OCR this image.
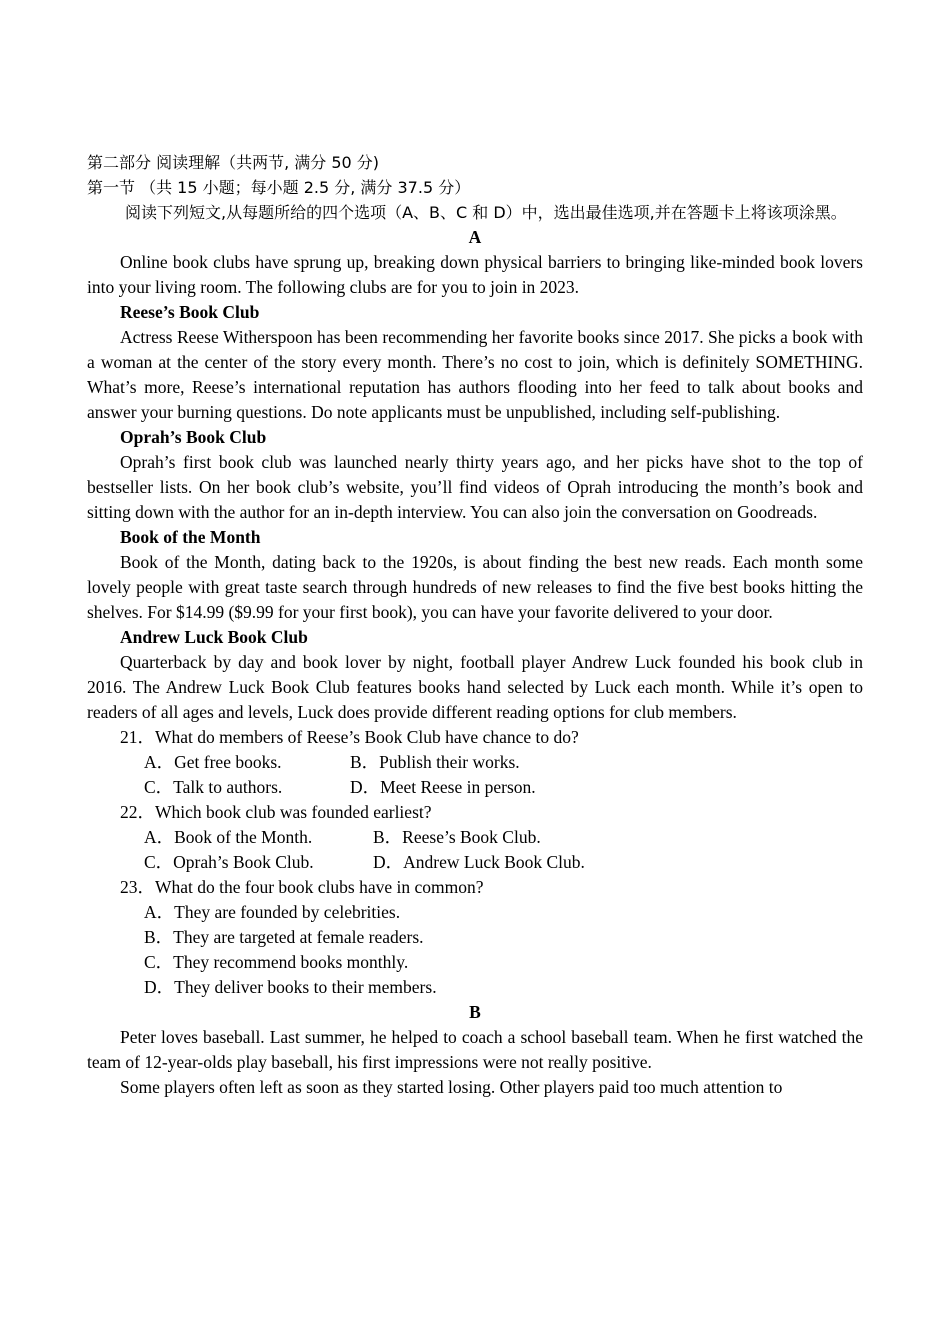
第二部分 阅读理解（共两节, 满分 50 分)

第一节 （共 15 小题；每小题 2.5 分, 满分 37.5 分）

阅读下列短文,从每题所给的四个选项（A、B、C 和 D）中，选出最佳选项,并在答题卡上将该项涂黑。

A

Online book clubs have sprung up, breaking down physical barriers to bringing like-minded book lovers into your living room. The following clubs are for you to join in 2023.

Reese’s Book Club

Actress Reese Witherspoon has been recommending her favorite books since 2017. She picks a book with a woman at the center of the story every month. There’s no cost to join, which is definitely SOMETHING. What’s more, Reese’s international reputation has authors flooding into her feed to talk about books and answer your burning questions. Do note applicants must be unpublished, including self-publishing.

Oprah’s Book Club

Oprah’s first book club was launched nearly thirty years ago, and her picks have shot to the top of bestseller lists. On her book club’s website, you’ll find videos of Oprah introducing the month’s book and sitting down with the author for an in-depth interview. You can also join the conversation on Goodreads.

Book of the Month

Book of the Month, dating back to the 1920s, is about finding the best new reads. Each month some lovely people with great taste search through hundreds of new releases to find the five best books hitting the shelves. For $14.99 ($9.99 for your first book), you can have your favorite delivered to your door.

Andrew Luck Book Club

Quarterback by day and book lover by night, football player Andrew Luck founded his book club in 2016. The Andrew Luck Book Club features books hand selected by Luck each month. While it’s open to readers of all ages and levels, Luck does provide different reading options for club members.

21．What do members of Reese’s Book Club have chance to do?

A．Get free books.	B．Publish their works.
C．Talk to authors.	D．Meet Reese in person.

22．Which book club was founded earliest?

A．Book of the Month.	B．Reese’s Book Club.
C．Oprah’s Book Club.	D．Andrew Luck Book Club.

23．What do the four book clubs have in common?

A．They are founded by celebrities.
B．They are targeted at female readers.
C．They recommend books monthly.
D．They deliver books to their members.

B

Peter loves baseball. Last summer, he helped to coach a school baseball team. When he first watched the team of 12-year-olds play baseball, his first impressions were not really positive.

Some players often left as soon as they started losing. Other players paid too much attention to
